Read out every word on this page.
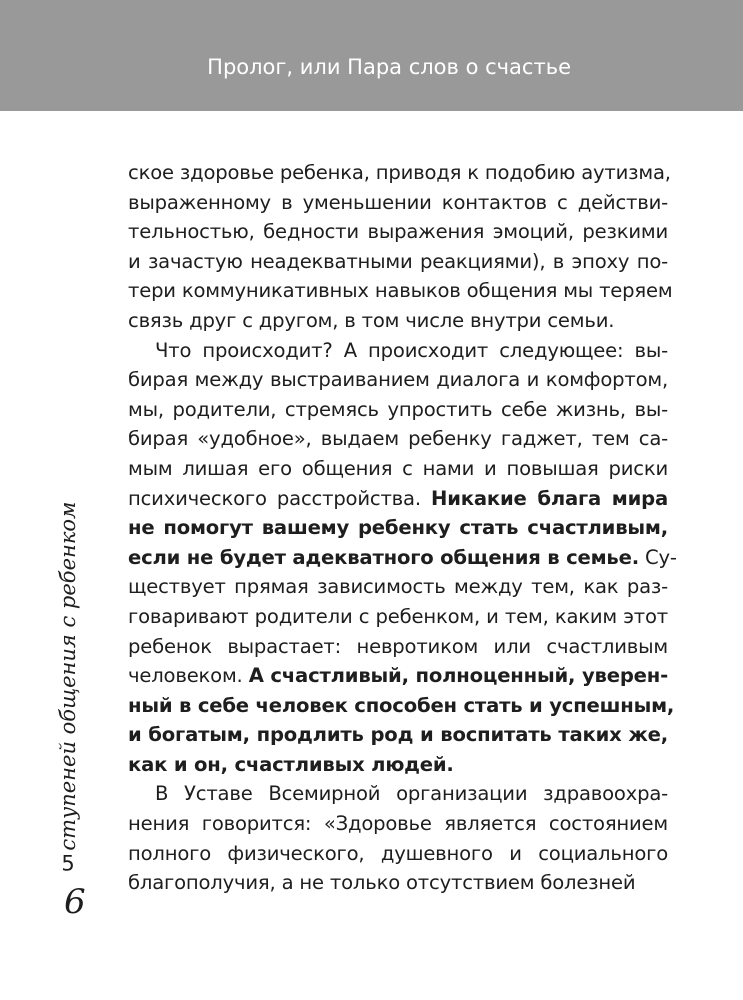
Пролог, или Пара слов о счастье
5ступеней общения с ребенком
6
ское здоровье ребенка, приводя к подобию аутизма,
выраженному в уменьшении контактов с действи-
тельностью, бедности выражения эмоций, резкими
и зачастую неадекватными реакциями), в эпоху по-
тери коммуникативных навыков общения мы теряем
связь друг с другом, в том числе внутри семьи.
Что происходит? А происходит следующее: вы-
бирая между выстраиванием диалога и комфортом,
мы, родители, стремясь упростить себе жизнь, вы-
бирая «удобное», выдаем ребенку гаджет, тем са-
мым лишая его общения с нами и повышая риски
психического расстройства. Никакие блага мира
не помогут вашему ребенку стать счастливым,
если не будет адекватного общения в семье. Су-
ществует прямая зависимость между тем, как раз-
говаривают родители с ребенком, и тем, каким этот
ребенок вырастает: невротиком или счастливым
человеком. А счастливый, полноценный, уверен-
ный в себе человек способен стать и успешным,
и богатым, продлить род и воспитать таких же,
как и он, счастливых людей.
В Уставе Всемирной организации здравоохра-
нения говорится: «Здоровье является состоянием
полного физического, душевного и социального
благополучия, а не только отсутствием болезней
